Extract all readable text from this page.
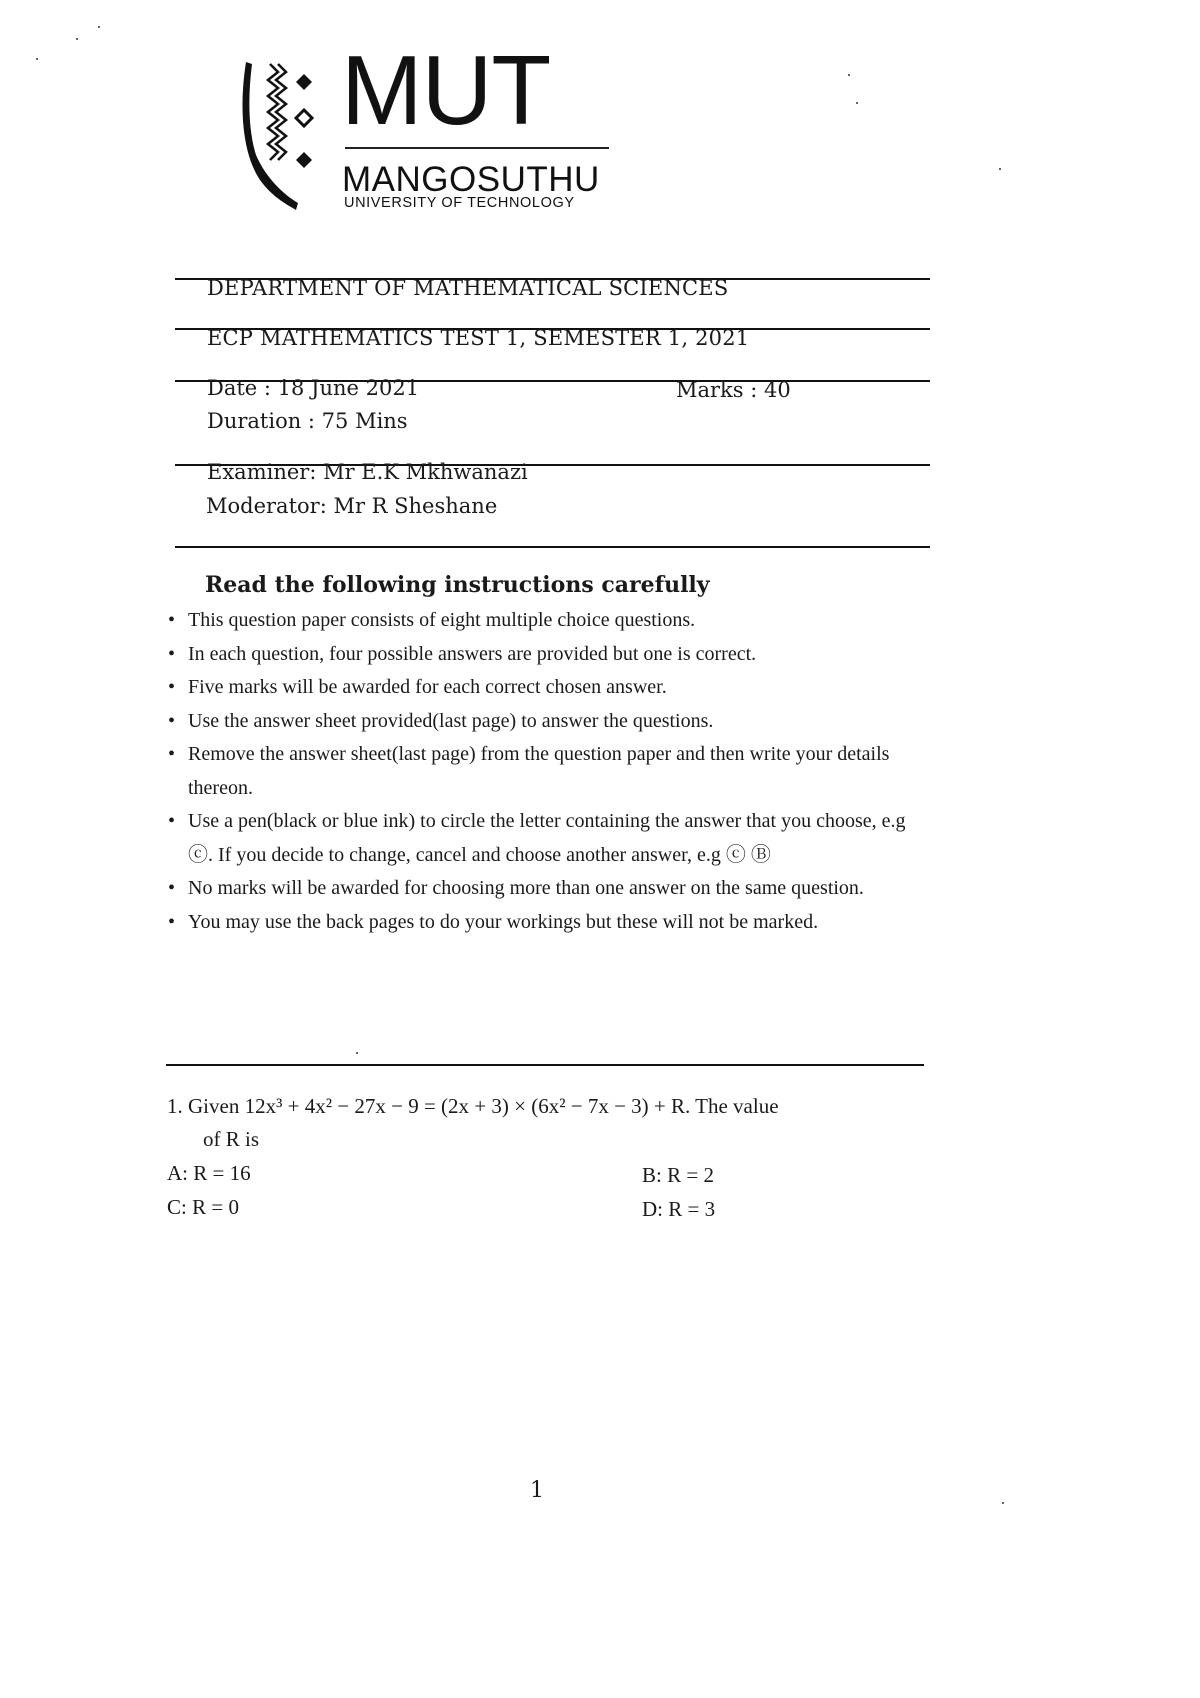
MUT
MANGOSUTHU
UNIVERSITY OF TECHNOLOGY
DEPARTMENT OF MATHEMATICAL SCIENCES
ECP MATHEMATICS TEST 1, SEMESTER 1, 2021
Date : 18 June 2021	Marks : 40
Duration : 75 Mins
Examiner: Mr E.K Mkhwanazi
Moderator: Mr R Sheshane
Read the following instructions carefully
• This question paper consists of eight multiple choice questions.
• In each question, four possible answers are provided but one is correct.
• Five marks will be awarded for each correct chosen answer.
• Use the answer sheet provided(last page) to answer the questions.
• Remove the answer sheet(last page) from the question paper and then write your details thereon.
• Use a pen(black or blue ink) to circle the letter containing the answer that you choose, e.g ⓒ. If you decide to change, cancel and choose another answer, e.g ⓒ Ⓑ
• No marks will be awarded for choosing more than one answer on the same question.
• You may use the back pages to do your workings but these will not be marked.
1. Given 12x³ + 4x² − 27x − 9 = (2x + 3) × (6x² − 7x − 3) + R. The value
of R is
A: R = 16	B: R = 2
C: R = 0	D: R = 3
1
